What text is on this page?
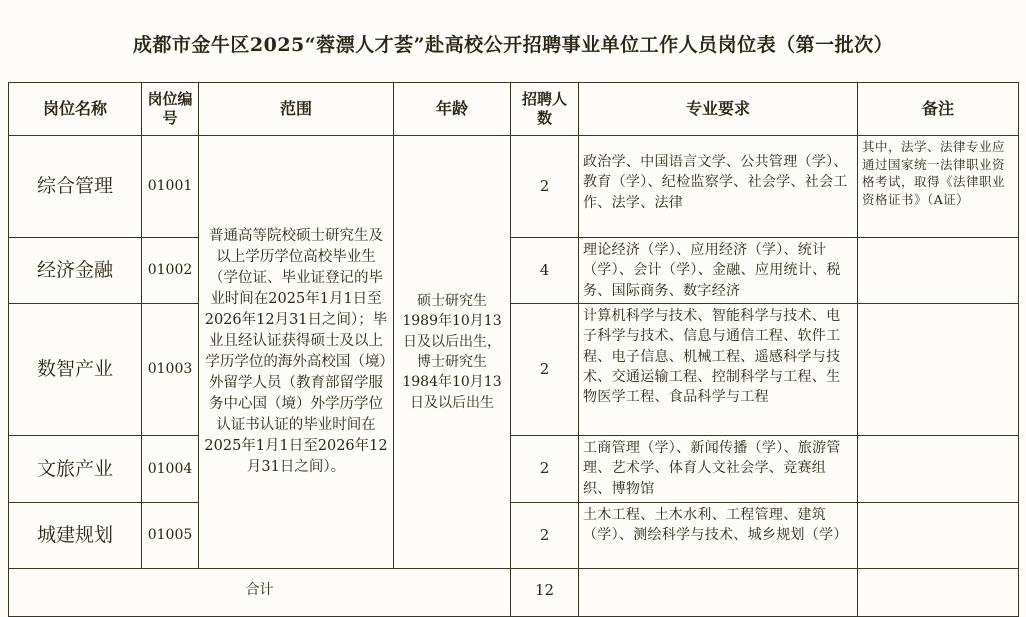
成都市金牛区2025“蓉漂人才荟”赴高校公开招聘事业单位工作人员岗位表（第一批次）
岗位名称	岗位编号	范围	年龄	招聘人数	专业要求	备注
综合管理	01001	普通高等院校硕士研究生及以上学历学位高校毕业生（学位证、毕业证登记的毕业时间在2025年1月1日至2026年12月31日之间）；毕业且经认证获得硕士及以上学历学位的海外高校国（境）外留学人员（教育部留学服务中心国（境）外学历学位认证书认证的毕业时间在2025年1月1日至2026年12月31日之间）。	硕士研究生1989年10月13日及以后出生，博士研究生1984年10月13日及以后出生	2	政治学、中国语言文学、公共管理（学）、教育（学）、纪检监察学、社会学、社会工作、法学、法律	其中，法学、法律专业应通过国家统一法律职业资格考试，取得《法律职业资格证书》（A证）
经济金融	01002			4	理论经济（学）、应用经济（学）、统计（学）、会计（学）、金融、应用统计、税务、国际商务、数字经济	
数智产业	01003			2	计算机科学与技术、智能科学与技术、电子科学与技术、信息与通信工程、软件工程、电子信息、机械工程、遥感科学与技术、交通运输工程、控制科学与工程、生物医学工程、食品科学与工程	
文旅产业	01004			2	工商管理（学）、新闻传播（学）、旅游管理、艺术学、体育人文社会学、竞赛组织、博物馆	
城建规划	01005			2	土木工程、土木水利、工程管理、建筑（学）、测绘科学与技术、城乡规划（学）	
合计				12		
